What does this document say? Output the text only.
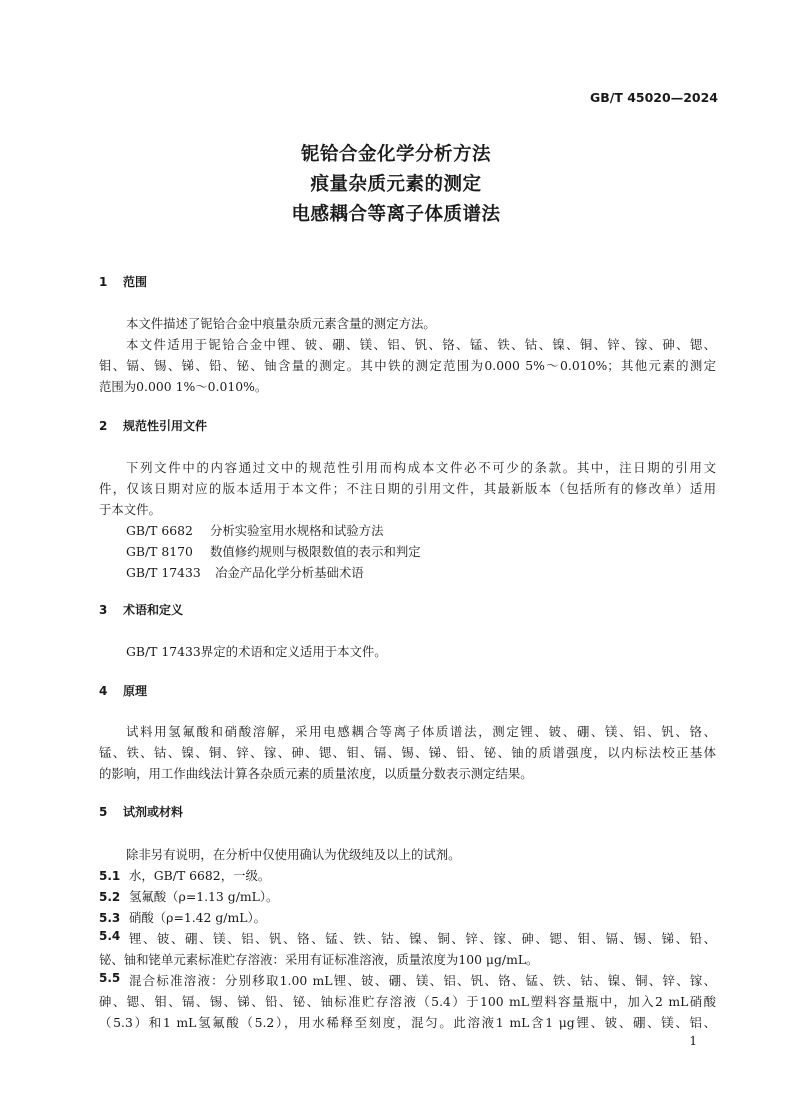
GB/T 45020—2024
铌铪合金化学分析方法
痕量杂质元素的测定
电感耦合等离子体质谱法
1 范围
本文件描述了铌铪合金中痕量杂质元素含量的测定方法。
本文件适用于铌铪合金中锂、铍、硼、镁、铝、钒、铬、锰、铁、钴、镍、铜、锌、镓、砷、锶、
钼、镉、锡、锑、铅、铋、铀含量的测定。其中铁的测定范围为0.000 5%～0.010%；其他元素的测定
范围为0.000 1%～0.010%。
2 规范性引用文件
下列文件中的内容通过文中的规范性引用而构成本文件必不可少的条款。其中，注日期的引用文
件，仅该日期对应的版本适用于本文件；不注日期的引用文件，其最新版本（包括所有的修改单）适用
于本文件。
GB/T 6682 分析实验室用水规格和试验方法
GB/T 8170 数值修约规则与极限数值的表示和判定
GB/T 17433 冶金产品化学分析基础术语
3 术语和定义
GB/T 17433界定的术语和定义适用于本文件。
4 原理
试料用氢氟酸和硝酸溶解，采用电感耦合等离子体质谱法，测定锂、铍、硼、镁、铝、钒、铬、
锰、铁、钴、镍、铜、锌、镓、砷、锶、钼、镉、锡、锑、铅、铋、铀的质谱强度，以内标法校正基体
的影响，用工作曲线法计算各杂质元素的质量浓度，以质量分数表示测定结果。
5 试剂或材料
除非另有说明，在分析中仅使用确认为优级纯及以上的试剂。
5.1 水，GB/T 6682，一级。
5.2 氢氟酸（ρ=1.13 g/mL）。
5.3 硝酸（ρ=1.42 g/mL）。
5.4 锂、铍、硼、镁、铝、钒、铬、锰、铁、钴、镍、铜、锌、镓、砷、锶、钼、镉、锡、锑、铅、
铋、铀和铑单元素标准贮存溶液：采用有证标准溶液，质量浓度为100 μg/mL。
5.5 混合标准溶液：分别移取1.00 mL锂、铍、硼、镁、铝、钒、铬、锰、铁、钴、镍、铜、锌、镓、
砷、锶、钼、镉、锡、锑、铅、铋、铀标准贮存溶液（5.4）于100 mL塑料容量瓶中，加入2 mL硝酸
（5.3）和1 mL氢氟酸（5.2），用水稀释至刻度，混匀。此溶液1 mL含1 μg锂、铍、硼、镁、铝、
1
